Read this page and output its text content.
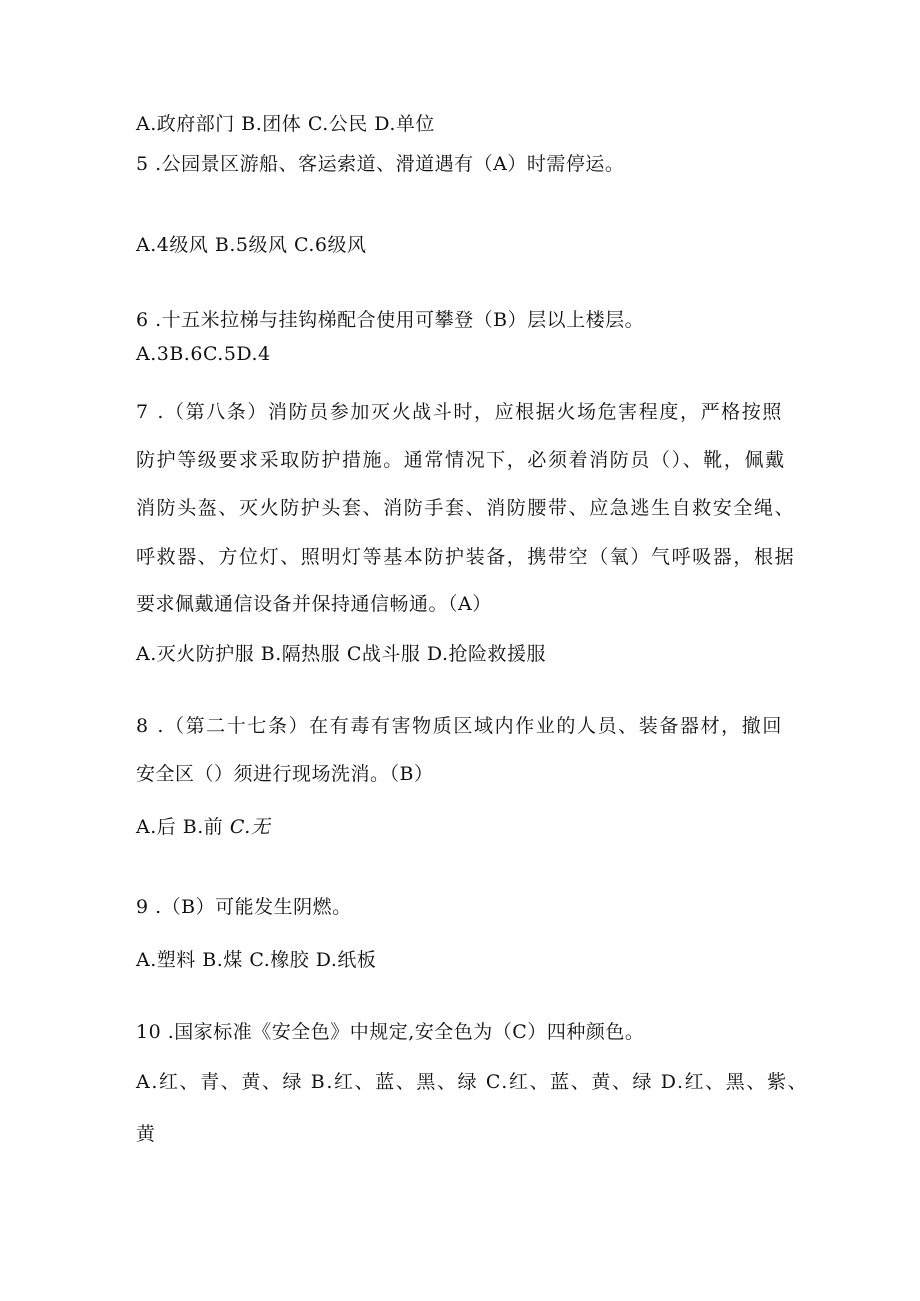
A.政府部门 B.团体 C.公民 D.单位
5 .公园景区游船、客运索道、滑道遇有（A）时需停运。
A.4级风 B.5级风 C.6级风
6 .十五米拉梯与挂钩梯配合使用可攀登（B）层以上楼层。
A.3B.6C.5D.4
7 .（第八条）消防员参加灭火战斗时，应根据火场危害程度，严格按照
防护等级要求采取防护措施。通常情况下，必须着消防员（）、靴，佩戴
消防头盔、灭火防护头套、消防手套、消防腰带、应急逃生自救安全绳、
呼救器、方位灯、照明灯等基本防护装备，携带空（氧）气呼吸器，根据
要求佩戴通信设备并保持通信畅通。（A）
A.灭火防护服 B.隔热服 C战斗服 D.抢险救援服
8 .（第二十七条）在有毒有害物质区域内作业的人员、装备器材，撤回
安全区（）须进行现场洗消。（B）
A.后 B.前 C.无
9 .（B）可能发生阴燃。
A.塑料 B.煤 C.橡胶 D.纸板
10 .国家标准《安全色》中规定,安全色为（C）四种颜色。
A.红、青、黄、绿 B.红、蓝、黑、绿 C.红、蓝、黄、绿 D.红、黑、紫、
黄
